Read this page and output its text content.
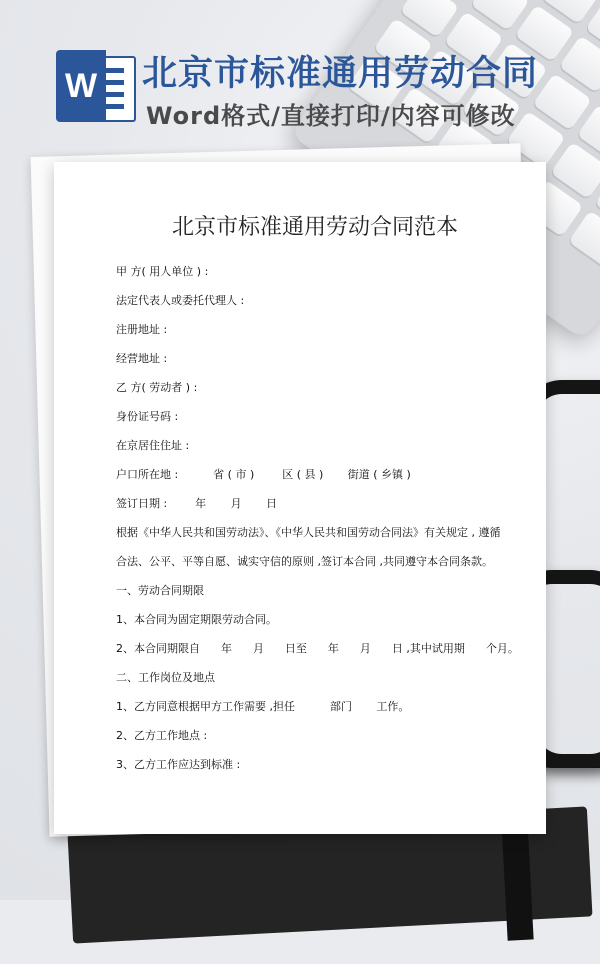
W 北京市标准通用劳动合同
Word格式/直接打印/内容可修改
北京市标准通用劳动合同范本
甲 方( 用人单位 ) :
法定代表人或委托代理人 :
注册地址 :
经营地址 :
乙 方( 劳动者 ) :
身份证号码 :
在京居住住址 :
户口所在地 :          省 ( 市 )        区 ( 县 )       街道 ( 乡镇 )
签订日期 :        年       月       日
根据《中华人民共和国劳动法》、《中华人民共和国劳动合同法》有关规定 , 遵循
合法、公平、平等自愿、诚实守信的原则 ,签订本合同 ,共同遵守本合同条款。
一、劳动合同期限
1、本合同为固定期限劳动合同。
2、本合同期限自      年      月      日至      年      月      日 ,其中试用期      个月。
二、工作岗位及地点
1、乙方同意根据甲方工作需要 ,担任          部门       工作。
2、乙方工作地点 :
3、乙方工作应达到标准 :
